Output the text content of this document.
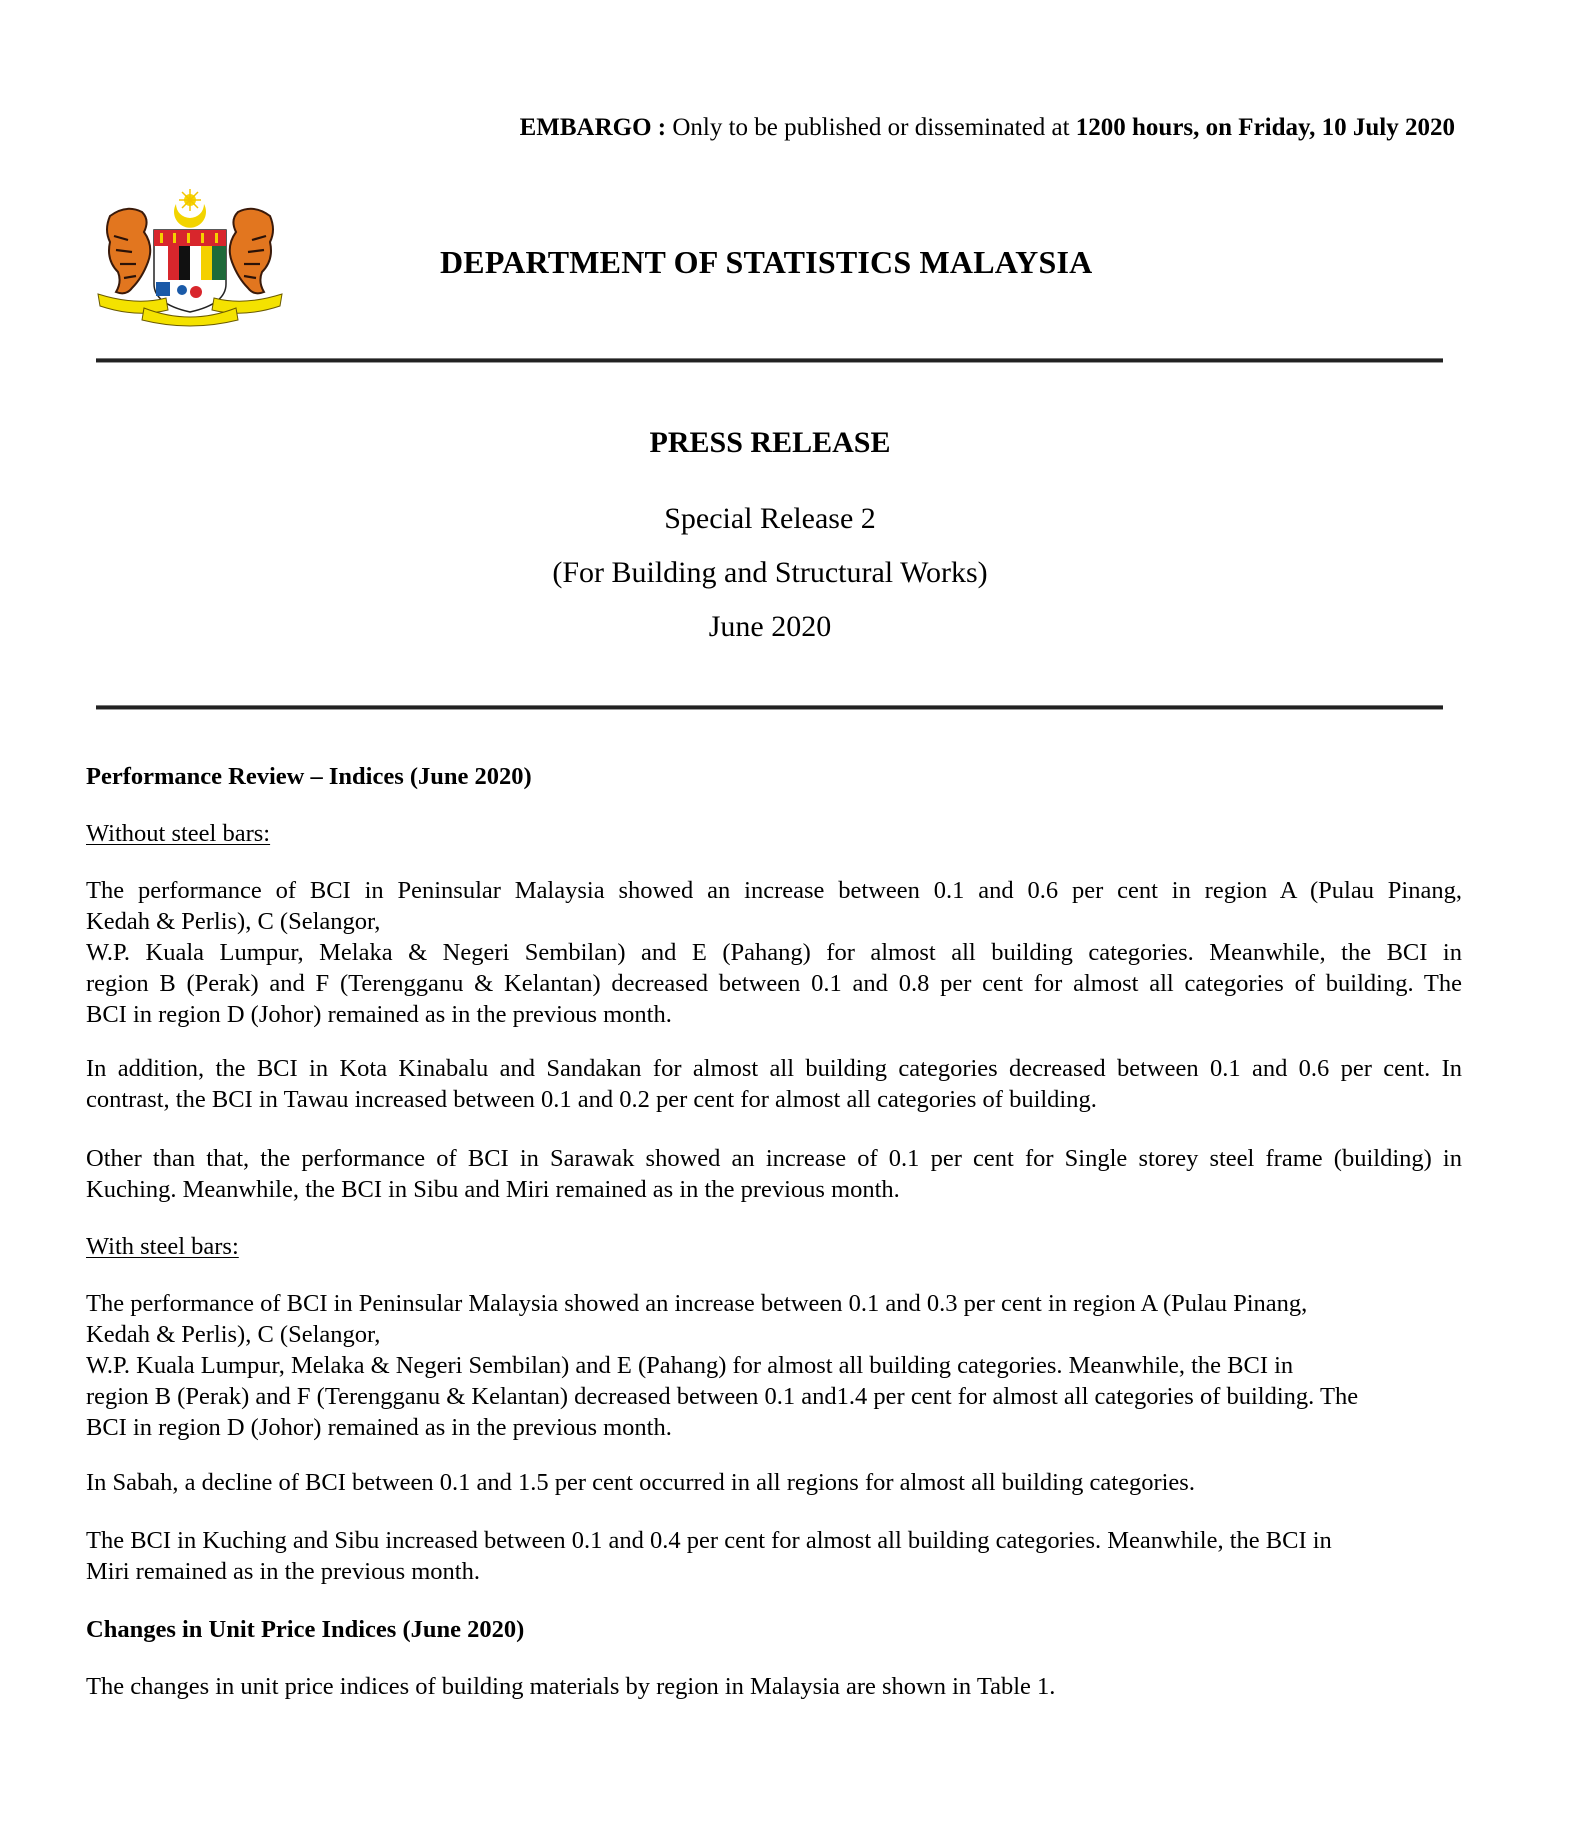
EMBARGO : Only to be published or disseminated at 1200 hours, on Friday, 10 July 2020
DEPARTMENT OF STATISTICS MALAYSIA
PRESS RELEASE
Special Release 2
(For Building and Structural Works)
June 2020
Performance Review – Indices (June 2020)
Without steel bars:
The performance of BCI in Peninsular Malaysia showed an increase between 0.1 and 0.6 per cent in region A (Pulau Pinang,
Kedah & Perlis), C (Selangor,
W.P. Kuala Lumpur, Melaka & Negeri Sembilan) and E (Pahang) for almost all building categories. Meanwhile, the BCI in
region B (Perak) and F (Terengganu & Kelantan) decreased between 0.1 and 0.8 per cent for almost all categories of building. The
BCI in region D (Johor) remained as in the previous month.
In addition, the BCI in Kota Kinabalu and Sandakan for almost all building categories decreased between 0.1 and 0.6 per cent. In
contrast, the BCI in Tawau increased between 0.1 and 0.2 per cent for almost all categories of building.
Other than that, the performance of BCI in Sarawak showed an increase of 0.1 per cent for Single storey steel frame (building) in
Kuching. Meanwhile, the BCI in Sibu and Miri remained as in the previous month.
With steel bars:
The performance of BCI in Peninsular Malaysia showed an increase between 0.1 and 0.3 per cent in region A (Pulau Pinang,
Kedah & Perlis), C (Selangor,
W.P. Kuala Lumpur, Melaka & Negeri Sembilan) and E (Pahang) for almost all building categories. Meanwhile, the BCI in
region B (Perak) and F (Terengganu & Kelantan) decreased between 0.1 and1.4 per cent for almost all categories of building. The
BCI in region D (Johor) remained as in the previous month.
In Sabah, a decline of BCI between 0.1 and 1.5 per cent occurred in all regions for almost all building categories.
The BCI in Kuching and Sibu increased between 0.1 and 0.4 per cent for almost all building categories. Meanwhile, the BCI in
Miri remained as in the previous month.
Changes in Unit Price Indices (June 2020)
The changes in unit price indices of building materials by region in Malaysia are shown in Table 1.
